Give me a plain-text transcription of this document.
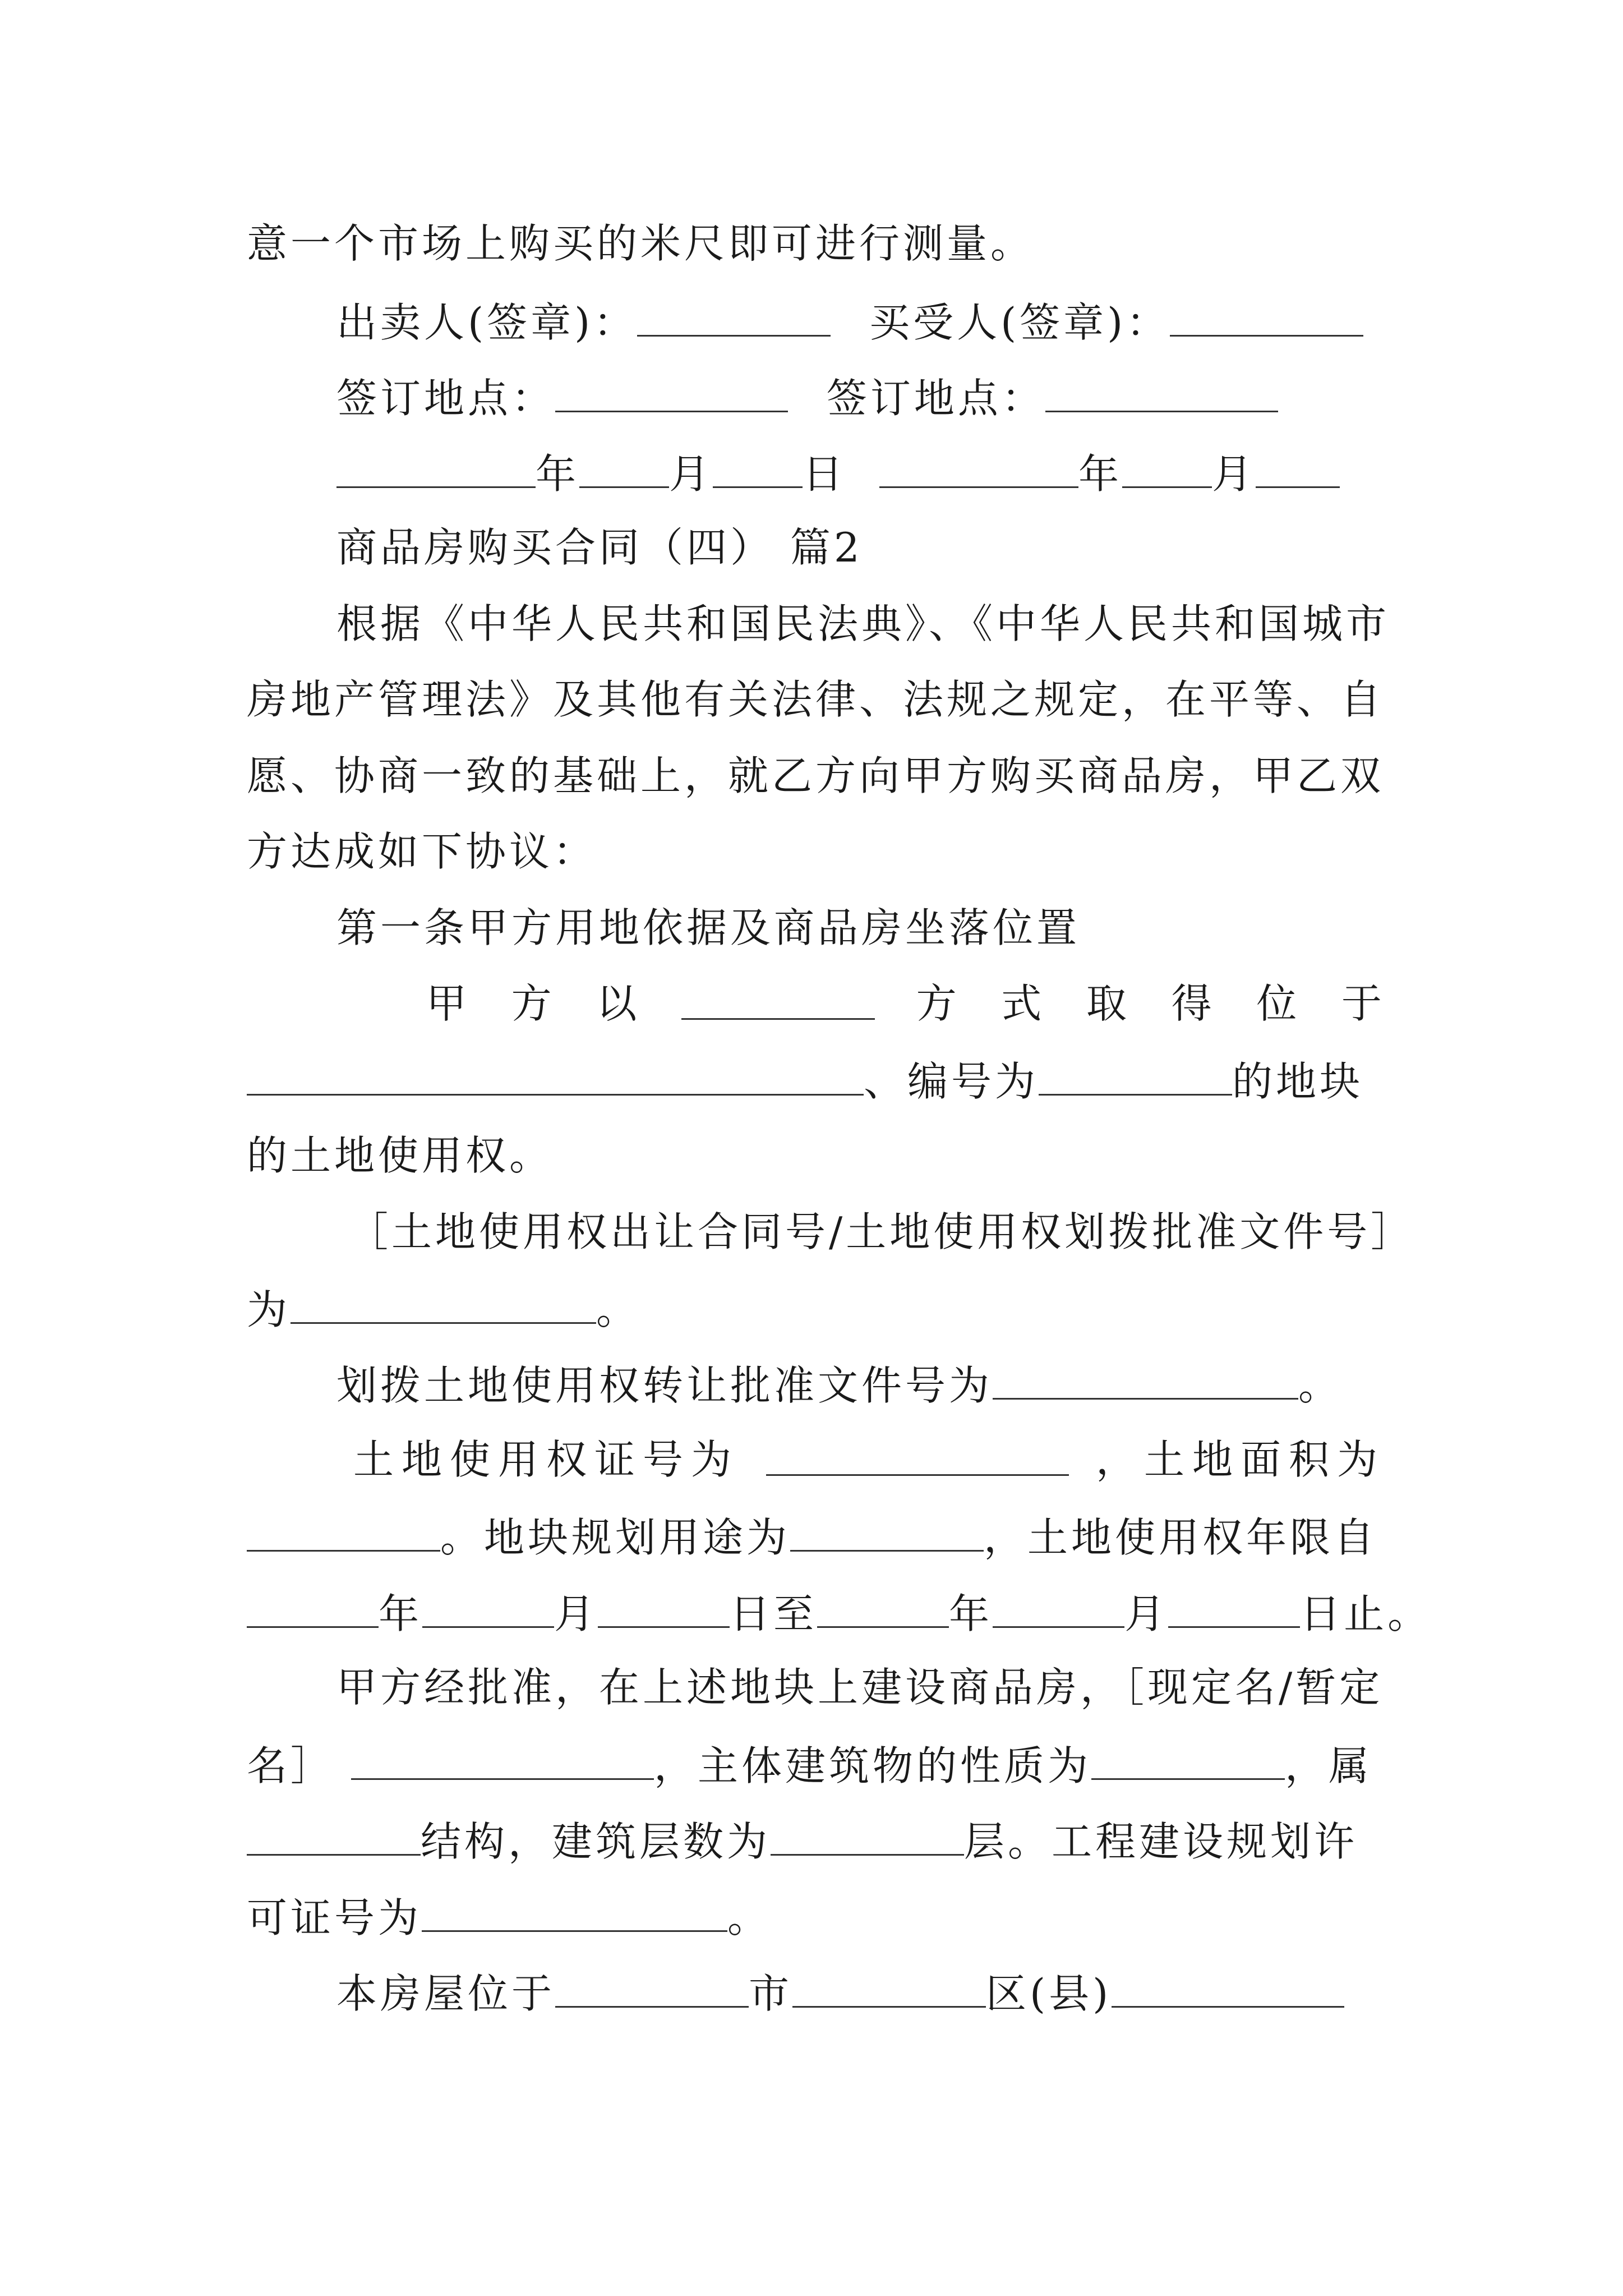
意一个市场上购买的米尺即可进行测量。
出卖人(签章)：	买受人(签章)：
签订地点：	签订地点：
年 月 日	年 月
商品房购买合同（四） 篇2
根据《中华人民共和国民法典》、《中华人民共和国城市
房地产管理法》及其他有关法律、法规之规定，在平等、自
愿、协商一致的基础上，就乙方向甲方购买商品房，甲乙双
方达成如下协议：
第一条甲方用地依据及商品房坐落位置
甲 方 以	方 式 取 得 位 于
、编号为	的地块
的土地使用权。
［土地使用权出让合同号/土地使用权划拨批准文件号］
为	。
划拨土地使用权转让批准文件号为	。
土地使用权证号为	，土地面积为
。地块规划用途为	，土地使用权年限自
年	月	日至	年	月	日止。
甲方经批准，在上述地块上建设商品房，［现定名/暂定
名］	，主体建筑物的性质为	，属
结构，建筑层数为	层。工程建设规划许
可证号为	。
本房屋位于	市	区(县)
